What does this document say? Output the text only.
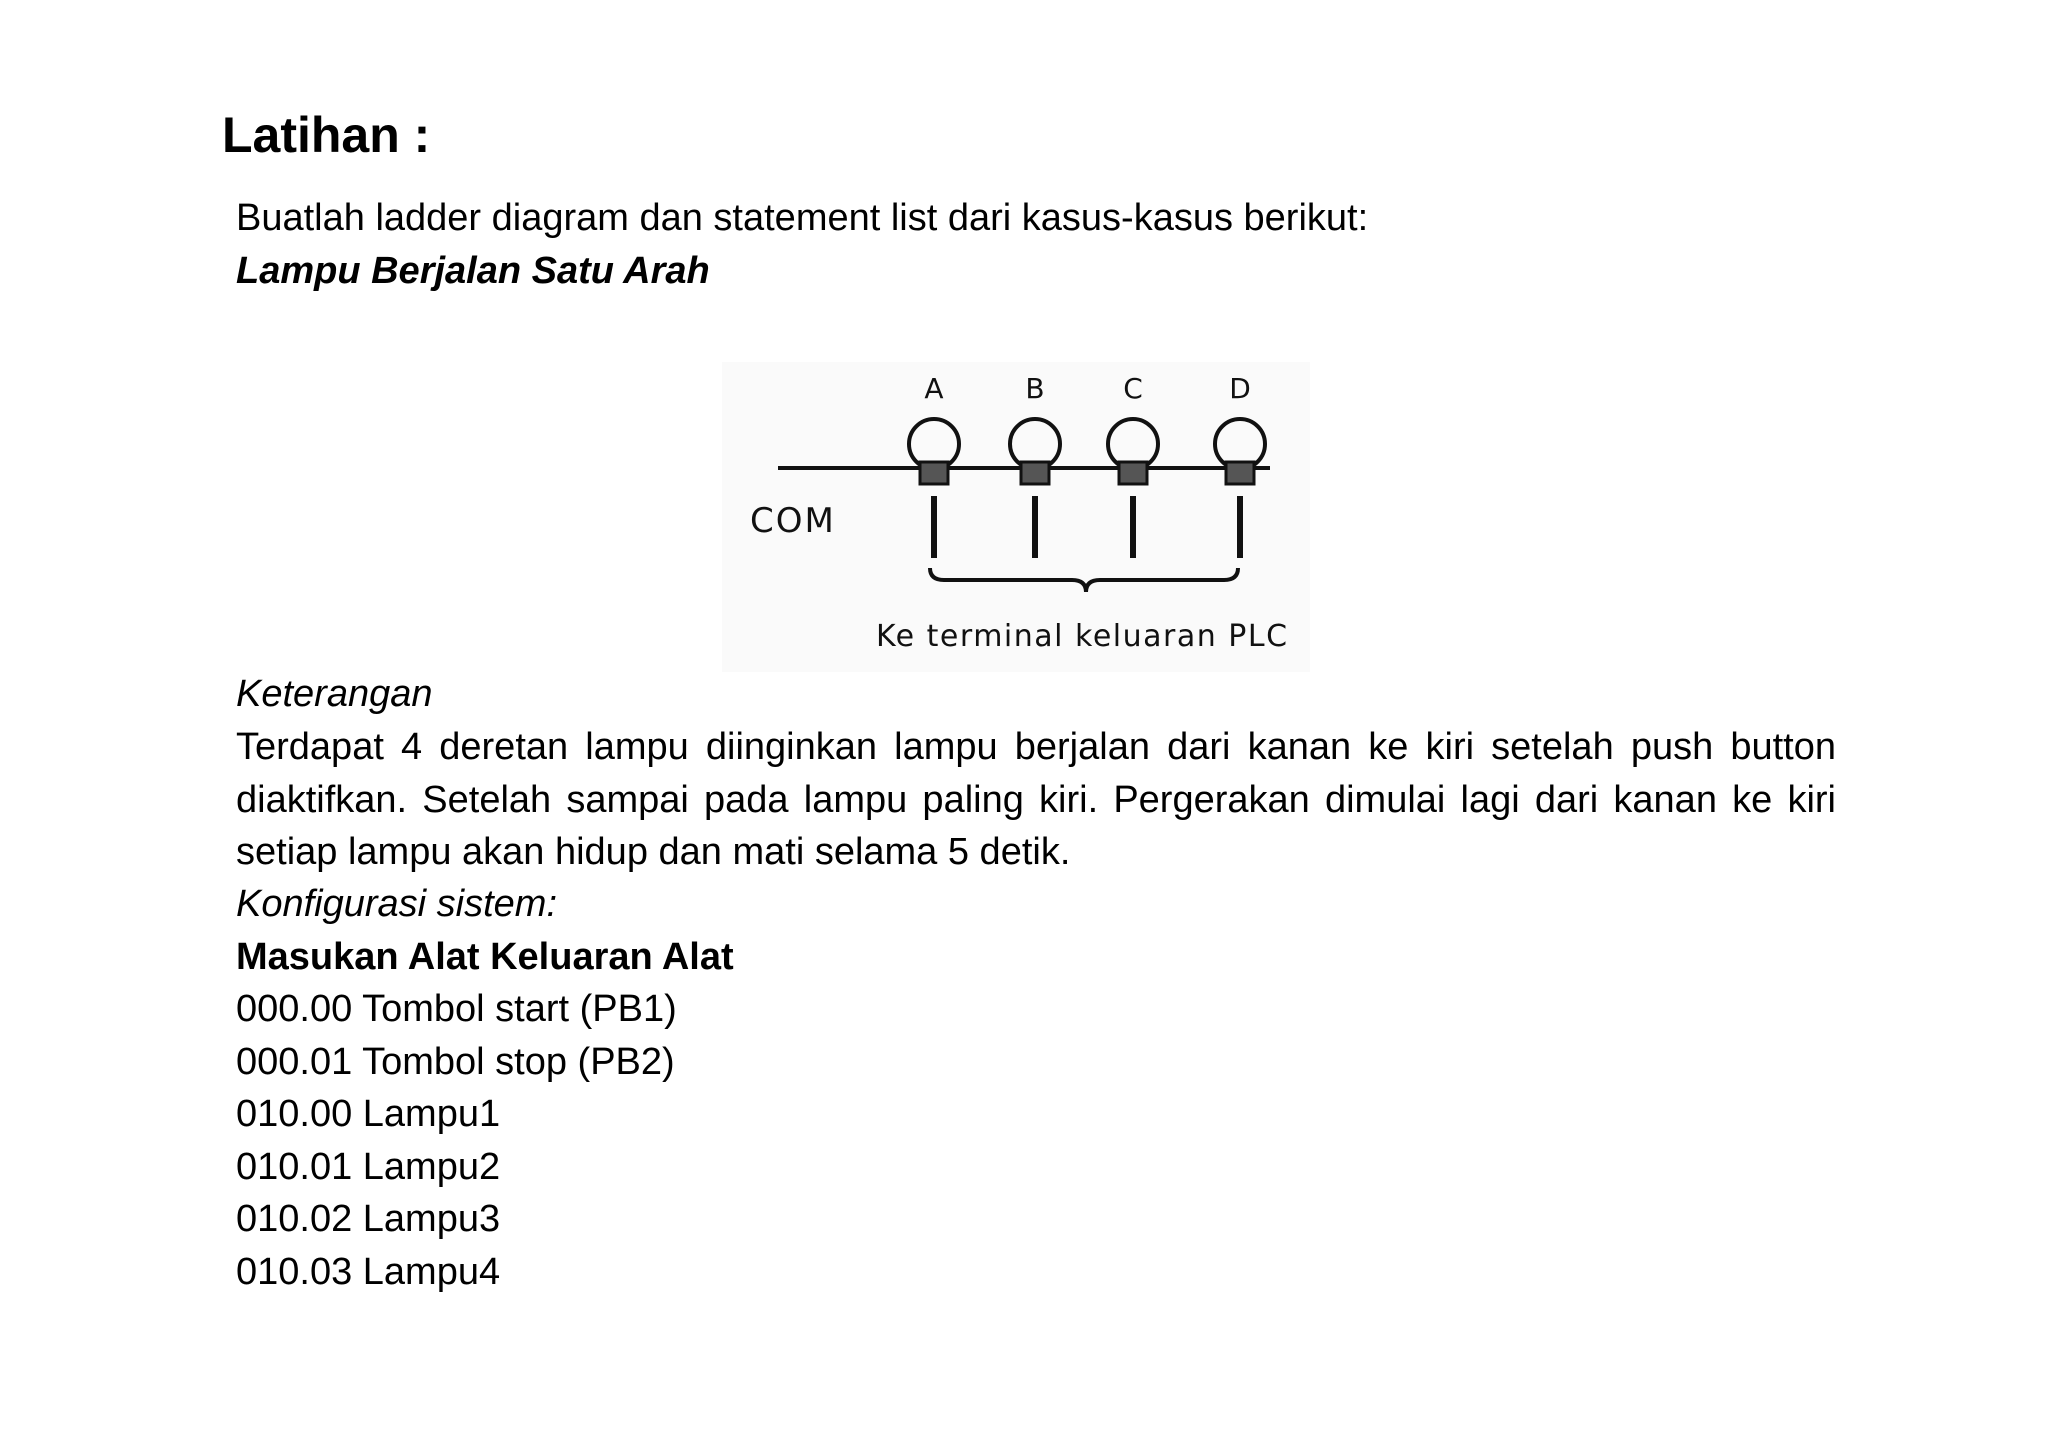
Latihan :

Buatlah ladder diagram dan statement list dari kasus-kasus berikut:

Lampu Berjalan Satu Arah

A	B	C	D
COM
Ke terminal keluaran PLC

Keterangan

Terdapat 4 deretan lampu diinginkan lampu berjalan dari kanan ke kiri setelah push button diaktifkan. Setelah sampai pada lampu paling kiri. Pergerakan dimulai lagi dari kanan ke kiri setiap lampu akan hidup dan mati selama 5 detik.

Konfigurasi sistem:

Masukan Alat Keluaran Alat

000.00 Tombol start (PB1)
000.01 Tombol stop (PB2)
010.00 Lampu1
010.01 Lampu2
010.02 Lampu3
010.03 Lampu4
